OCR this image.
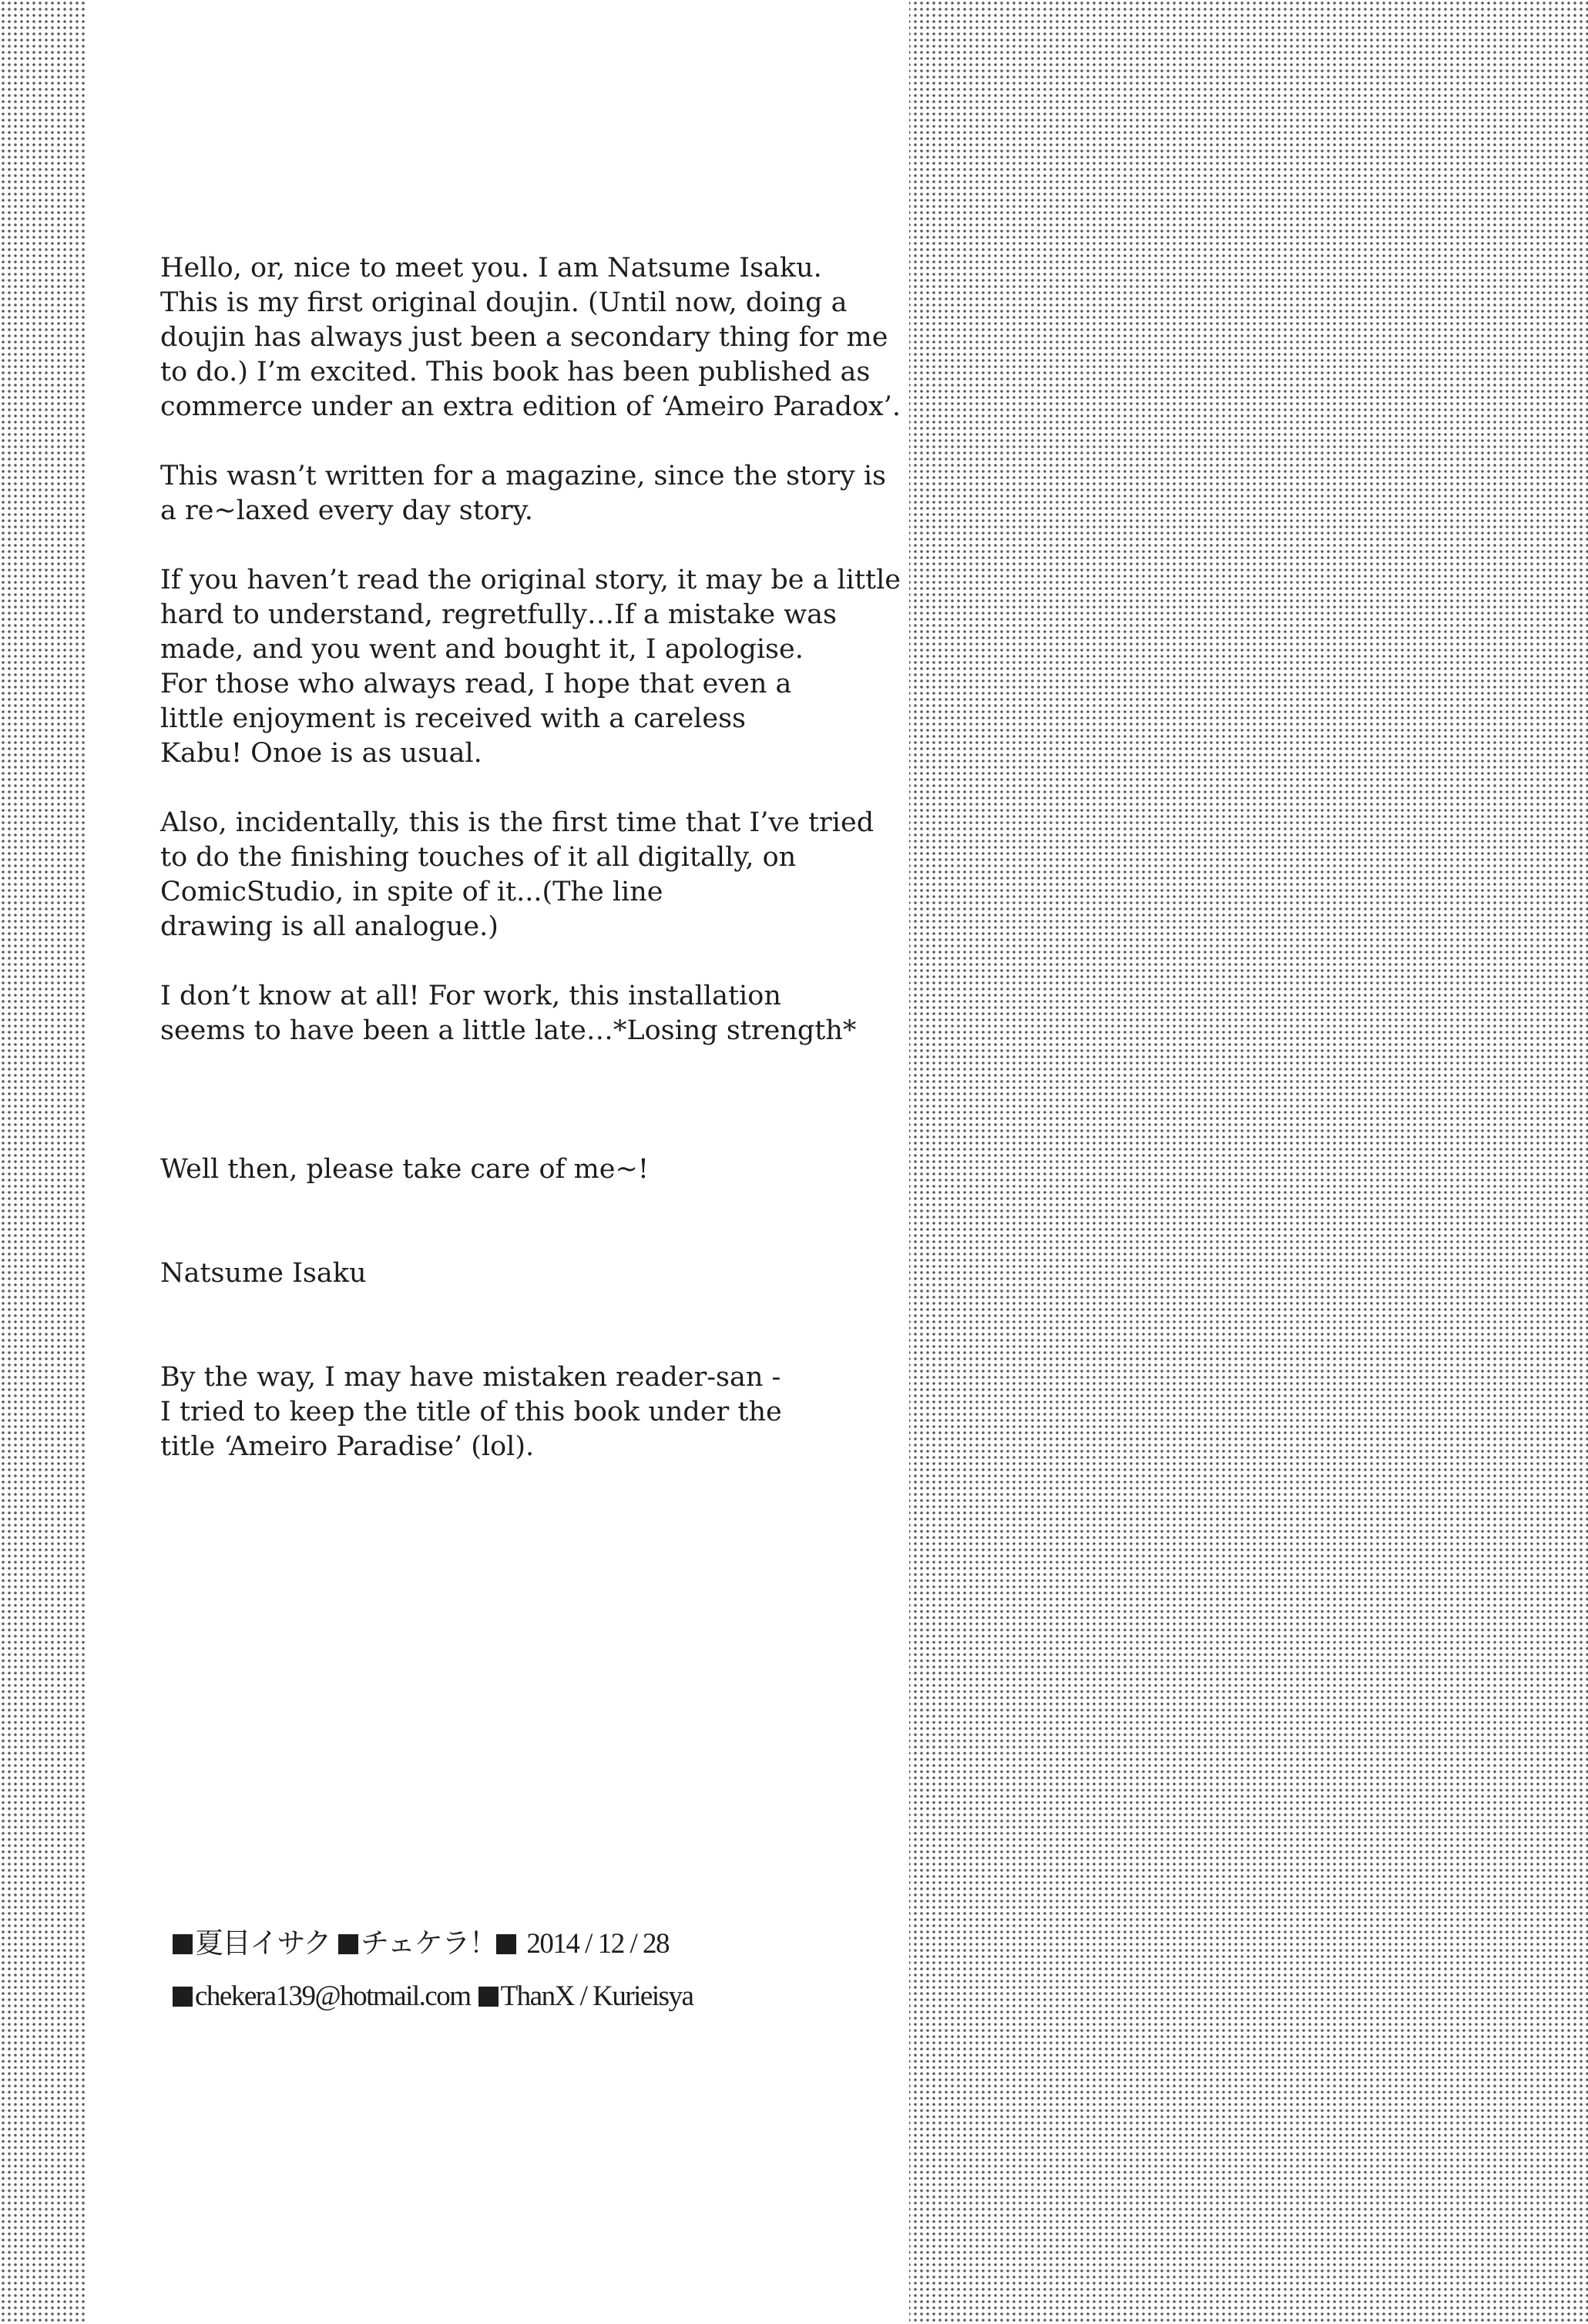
Hello, or, nice to meet you. I am Natsume Isaku.
This is my first original doujin. (Until now, doing a
doujin has always just been a secondary thing for me
to do.) I’m excited. This book has been published as
commerce under an extra edition of ‘Ameiro Paradox’.
This wasn’t written for a magazine, since the story is
a re~laxed every day story.
If you haven’t read the original story, it may be a little
hard to understand, regretfully…If a mistake was
made, and you went and bought it, I apologise.
For those who always read, I hope that even a
little enjoyment is received with a careless
Kabu! Onoe is as usual.
Also, incidentally, this is the first time that I’ve tried
to do the finishing touches of it all digitally, on
ComicStudio, in spite of it...(The line
drawing is all analogue.)
I don’t know at all! For work, this installation
seems to have been a little late…*Losing strength*
Well then, please take care of me~!
Natsume Isaku
By the way, I may have mistaken reader-san -
I tried to keep the title of this book under the
title ‘Ameiro Paradise’ (lol).
夏目イサク チェケラ！ 2014 / 12 / 28
chekera139@hotmail.com ThanX / Kurieisya
